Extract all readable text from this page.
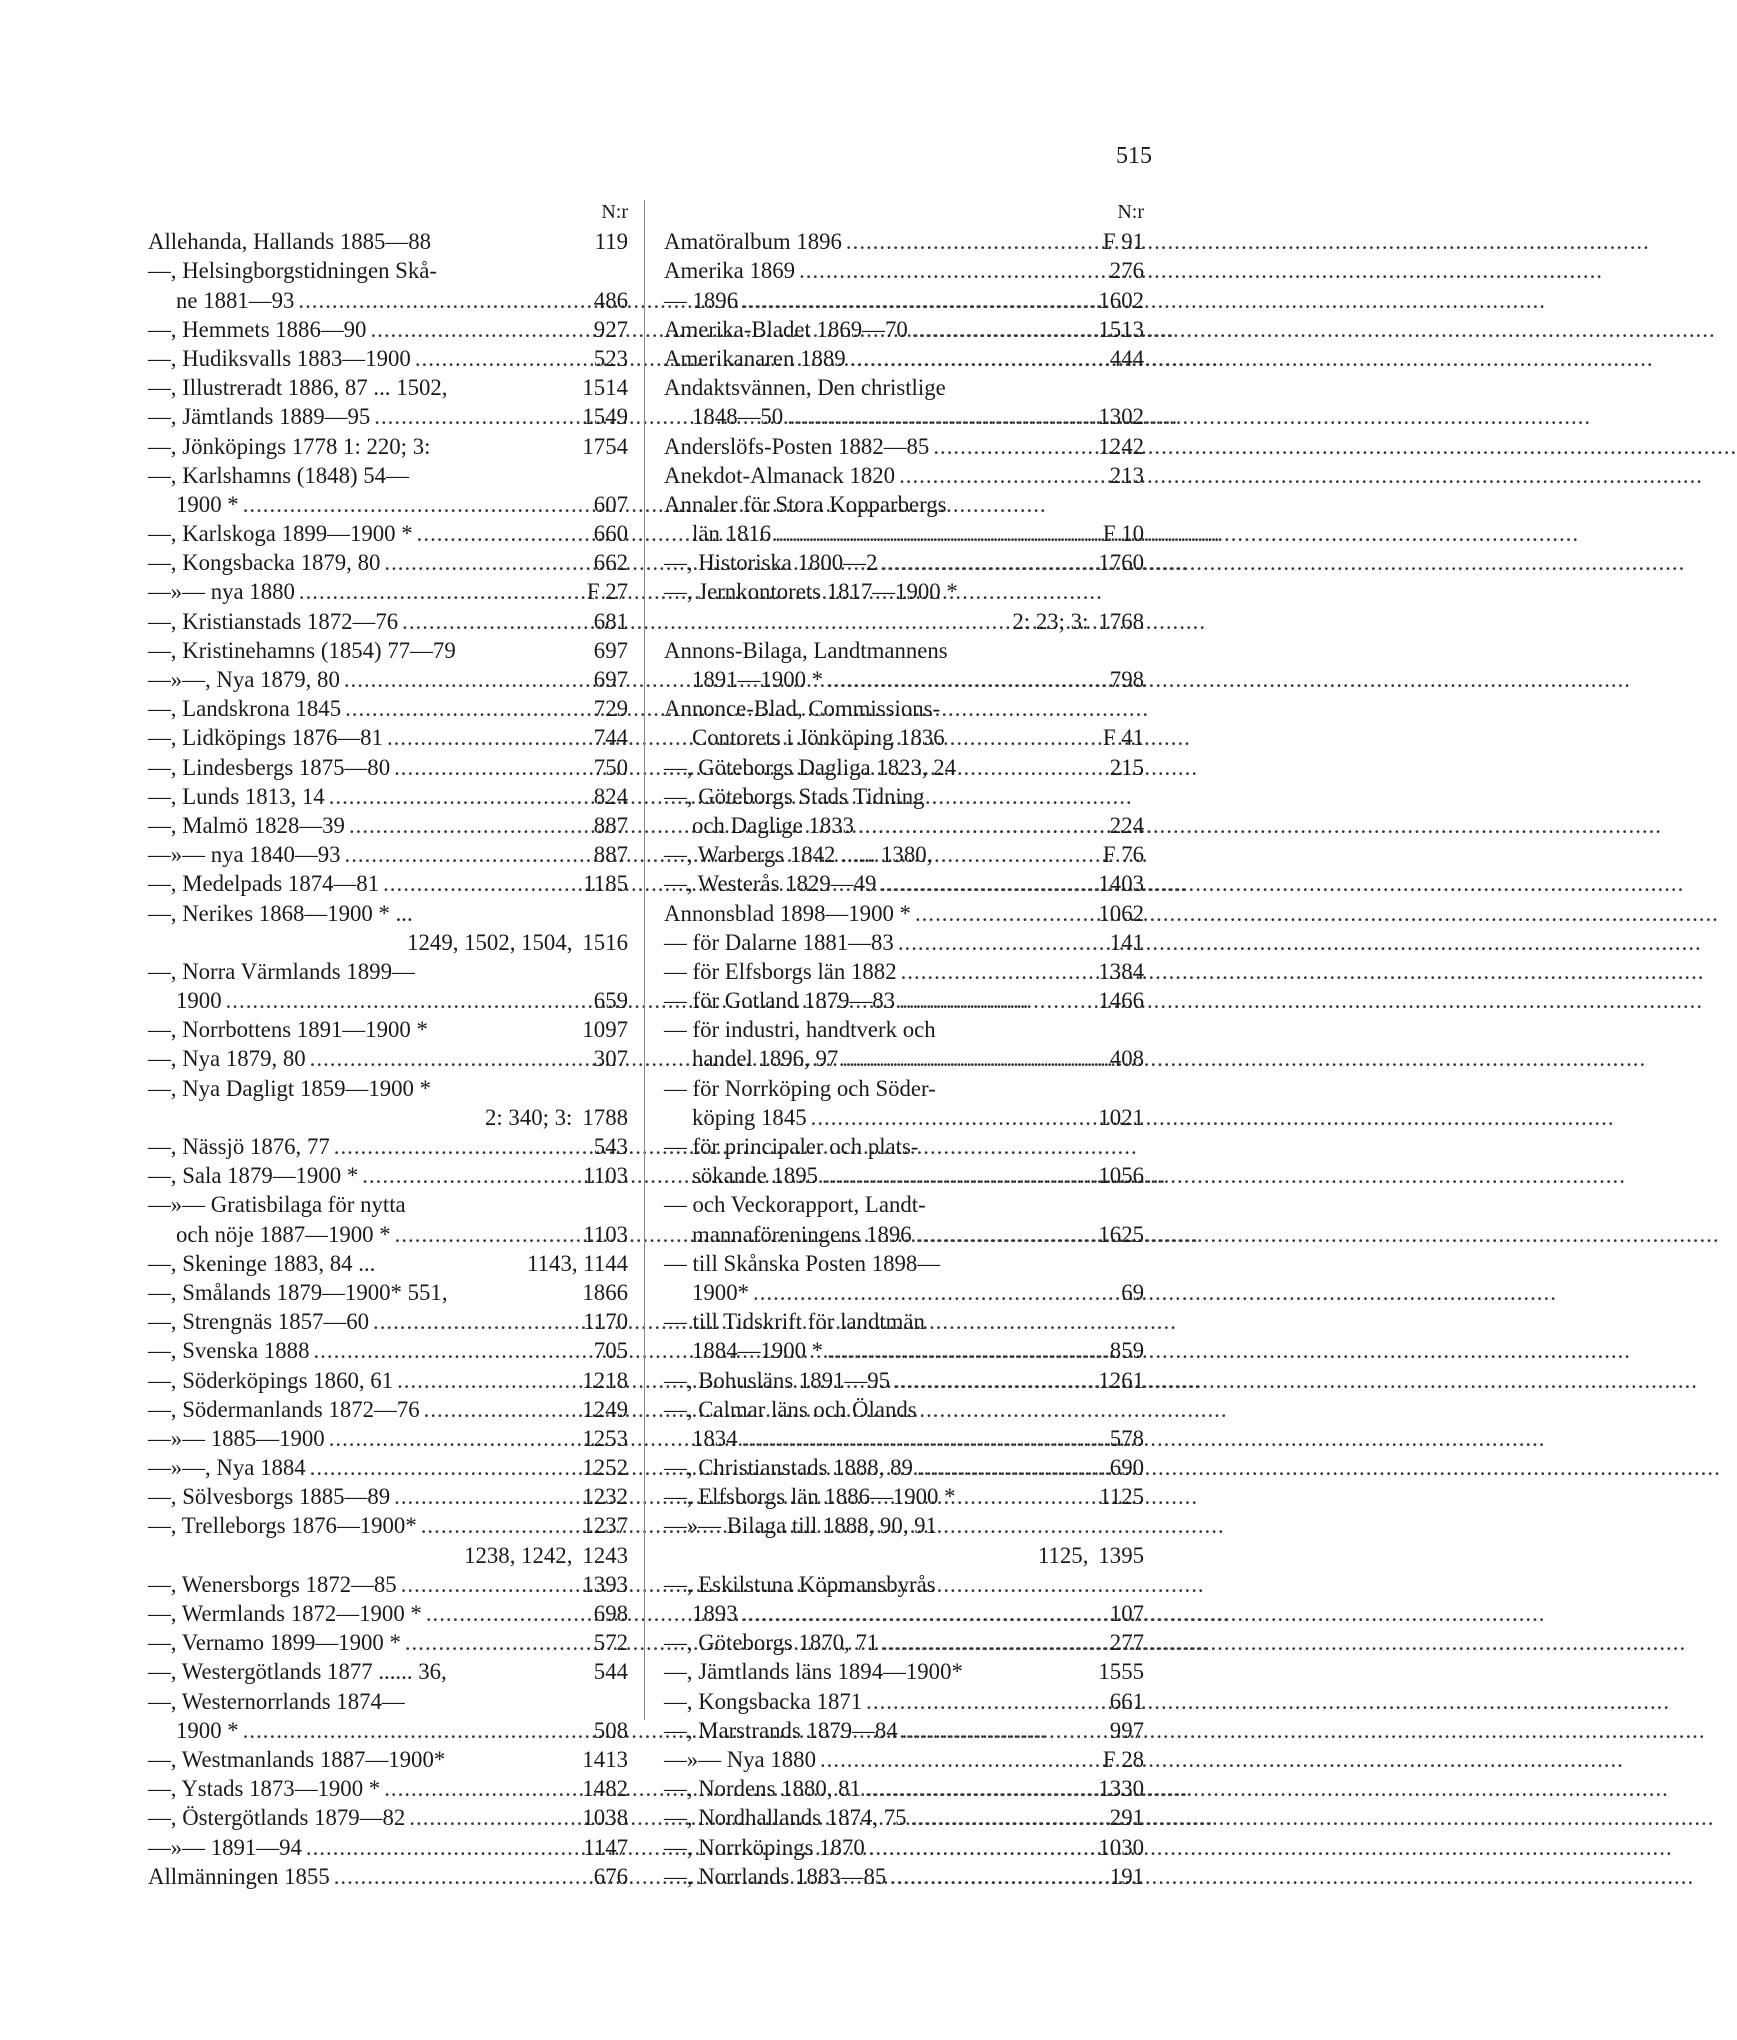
515
N:r
Allehanda, Hallands 1885—88	119
—, Helsingborgstidningen Skå-
ne 1881—93 .....	486
—, Hemmets 1886—90 .....	927
—, Hudiksvalls 1883—1900 .....	523
—, Illustreradt 1886, 87 ... 1502,	1514
—, Jämtlands 1889—95 .....	1549
—, Jönköpings 1778 1: 220; 3:	1754
—, Karlshamns (1848) 54—
1900 * .....	607
—, Karlskoga 1899—1900 * .....	660
—, Kongsbacka 1879, 80 .....	662
—»— nya 1880 .....	F 27
—, Kristianstads 1872—76 .....	681
—, Kristinehamns (1854) 77—79	697
—»—, Nya 1879, 80 .....	697
—, Landskrona 1845 .....	729
—, Lidköpings 1876—81 .....	744
—, Lindesbergs 1875—80 .....	750
—, Lunds 1813, 14 .....	824
—, Malmö 1828—39 .....	887
—»— nya 1840—93 .....	887
—, Medelpads 1874—81 .....	1185
—, Nerikes 1868—1900 * ...
1249, 1502, 1504, 1516
—, Norra Värmlands 1899—
1900 .....	659
—, Norrbottens 1891—1900 *	1097
—, Nya 1879, 80 .....	307
—, Nya Dagligt 1859—1900 *
2: 340; 3: 1788
—, Nässjö 1876, 77 .....	543
—, Sala 1879—1900 * .....	1103
—»— Gratisbilaga för nytta
och nöje 1887—1900 * .....	1103
—, Skeninge 1883, 84 ...	1143, 1144
—, Smålands 1879—1900* 551,	1866
—, Strengnäs 1857—60 .....	1170
—, Svenska 1888 .....	705
—, Söderköpings 1860, 61 .....	1218
—, Södermanlands 1872—76 .....	1249
—»— 1885—1900 .....	1253
—»—, Nya 1884 .....	1252
—, Sölvesborgs 1885—89 .....	1232
—, Trelleborgs 1876—1900* .....	1237
1238, 1242, 1243
—, Wenersborgs 1872—85 .....	1393
—, Wermlands 1872—1900 * .....	698
—, Vernamo 1899—1900 * .....	572
—, Westergötlands 1877 ...... 36,	544
—, Westernorrlands 1874—
1900 * .....	508
—, Westmanlands 1887—1900*	1413
—, Ystads 1873—1900 * .....	1482
—, Östergötlands 1879—82 .....	1038
—»— 1891—94 .....	1147
Allmänningen 1855 .....	676
N:r
Amatöralbum 1896 .....	F 91
Amerika 1869 .....	276
— 1896 .....	1602
Amerika-Bladet 1869—70 .....	1513
Amerikanaren 1889 .....	444
Andaktsvännen, Den christlige
1848—50 .....	1302
Anderslöfs-Posten 1882—85 .....	1242
Anekdot-Almanack 1820 .....	213
Annaler för Stora Kopparbergs
län 1816 .....	F 10
—, Historiska 1800—2 .....	1760
—, Jernkontorets 1817—1900 *
2: 23; 3: 1768
Annons-Bilaga, Landtmannens
1891—1900 * .....	798
Annonce-Blad, Commissions-
Contorets i Jönköping 1836	F 41
—, Göteborgs Dagliga 1823, 24	215
—, Göteborgs Stads Tidning
och Daglige 1833 .....	224
—, Warbergs 1842 ...... 1380,	F 76
—, Westerås 1829—49 .....	1403
Annonsblad 1898—1900 * .....	1062
— för Dalarne 1881—83 .....	141
— för Elfsborgs län 1882 .....	1384
— för Gotland 1879—83 .....	1466
— för industri, handtverk och
handel 1896, 97 .....	408
— för Norrköping och Söder-
köping 1845 .....	1021
— för principaler och plats-
sökande 1895 .....	1056
— och Veckorapport, Landt-
mannaföreningens 1896 .....	1625
— till Skånska Posten 1898—
1900* .....	69
— till Tidskrift för landtmän
1884—1900 * .....	859
—, Bohusläns 1891—95 .....	1261
—, Calmar läns och Ölands
1834 .....	578
—, Christianstads 1888, 89 .....	690
—, Elfsborgs län 1886—1900 *	1125
—»— Bilaga till 1888, 90, 91
1125, 1395
—, Eskilstuna Köpmansbyrås
1893 .....	107
—, Göteborgs 1870, 71 .....	277
—, Jämtlands läns 1894—1900*	1555
—, Kongsbacka 1871 .....	661
—, Marstrands 1879—84 .....	997
—»— Nya 1880 .....	F 28
—, Nordens 1880, 81 .....	1330
—, Nordhallands 1874, 75 .....	291
—, Norrköpings 1870 .....	1030
—, Norrlands 1883—85 .....	191
